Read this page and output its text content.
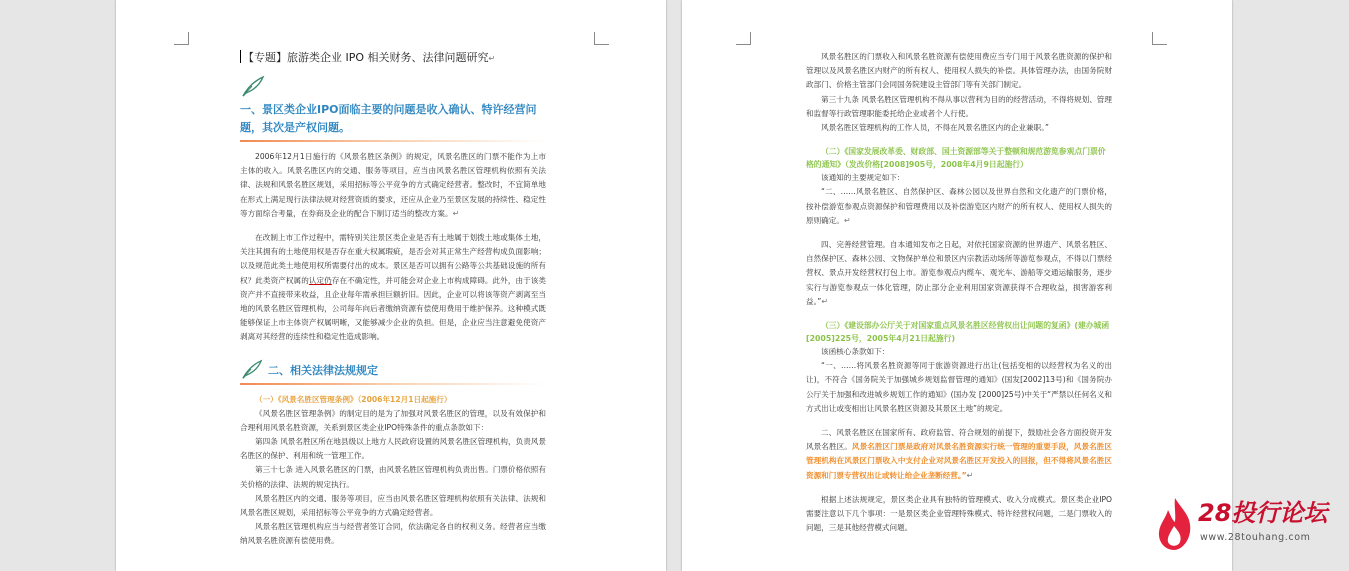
【专题】旅游类企业 IPO 相关财务、法律问题研究↵
一、景区类企业IPO面临主要的问题是收入确认、特许经营问题，其次是产权问题。

2006年12月1日施行的《风景名胜区条例》的规定，风景名胜区的门票不能作为上市主体的收入。风景名胜区内的交通、服务等项目，应当由风景名胜区管理机构依照有关法律、法规和风景名胜区规划，采用招标等公平竞争的方式确定经营者。整改时，不宜简单地在形式上满足现行法律法规对经营资质的要求，还应从企业乃至景区发展的持续性、稳定性等方面综合考量，在券商及企业的配合下制订适当的整改方案。↵

在改制上市工作过程中，需特别关注景区类企业是否有土地属于划拨土地或集体土地，关注其拥有的土地使用权是否存在重大权属瑕疵，是否会对其正常生产经营构成负面影响；以及规范此类土地使用权所需要付出的成本。景区是否可以拥有公路等公共基础设施的所有权？此类资产权属的认定仍存在不确定性，并可能会对企业上市构成障碍。此外，由于该类资产并不直接带来收益，且企业每年需承担巨额折旧。因此，企业可以将该等资产剥离至当地的风景名胜区管理机构，公司每年向后者缴纳资源有偿使用费用于维护保养。这种模式既能够保证上市主体资产权属明晰，又能够减少企业的负担。但是，企业应当注意避免使资产剥离对其经营的连续性和稳定性造成影响。

二、相关法律法规规定
（一）《风景名胜区管理条例》（2006年12月1日起施行）

《风景名胜区管理条例》的制定目的是为了加强对风景名胜区的管理，以及有效保护和合理利用风景名胜资源，关系到景区类企业IPO特殊条件的重点条款如下：

第四条 风景名胜区所在地县级以上地方人民政府设置的风景名胜区管理机构，负责风景名胜区的保护、利用和统一管理工作。

第三十七条 进入风景名胜区的门票，由风景名胜区管理机构负责出售。门票价格依照有关价格的法律、法规的规定执行。

风景名胜区内的交通、服务等项目，应当由风景名胜区管理机构依照有关法律、法规和风景名胜区规划，采用招标等公平竞争的方式确定经营者。

风景名胜区管理机构应当与经营者签订合同，依法确定各自的权利义务。经营者应当缴纳风景名胜资源有偿使用费。

风景名胜区的门票收入和风景名胜资源有偿使用费应当专门用于风景名胜资源的保护和管理以及风景名胜区内财产的所有权人、使用权人损失的补偿。具体管理办法，由国务院财政部门、价格主管部门会同国务院建设主管部门等有关部门制定。

第三十九条 风景名胜区管理机构不得从事以营利为目的的经营活动，不得将规划、管理和监督等行政管理职能委托给企业或者个人行使。

风景名胜区管理机构的工作人员，不得在风景名胜区内的企业兼职。”

（二）《国家发展改革委、财政部、国土资源部等关于整顿和规范游览参观点门票价格的通知》（发改价格[2008]905号，2008年4月9日起施行）

该通知的主要规定如下：

“二、……风景名胜区、自然保护区、森林公园以及世界自然和文化遗产的门票价格，按补偿游览参观点资源保护和管理费用以及补偿游览区内财产的所有权人、使用权人损失的原则确定。↵

四、完善经营管理。自本通知发布之日起，对依托国家资源的世界遗产、风景名胜区、自然保护区、森林公园、文物保护单位和景区内宗教活动场所等游览参观点，不得以门票经营权、景点开发经营权打包上市。游览参观点内缆车、观光车、游船等交通运输服务，逐步实行与游览参观点一体化管理，防止部分企业利用国家资源获得不合理收益，损害游客利益。”↵

（三）《建设部办公厅关于对国家重点风景名胜区经营权出让问题的复函》(建办城函[2005]225号，2005年4月21日起施行)

该函核心条款如下：

“一、……将风景名胜资源等同于旅游资源进行出让(包括变相的以经营权为名义的出让)，不符合《国务院关于加强城乡规划监督管理的通知》(国发[2002]13号)和《国务院办公厅关于加强和改进城乡规划工作的通知》(国办发 [2000]25号)中关于“严禁以任何名义和方式出让或变相出让风景名胜区资源及其景区土地”的规定。

二、风景名胜区在国家所有、政府监管、符合规划的前提下，鼓励社会各方面投资开发风景名胜区。风景名胜区门票是政府对风景名胜资源实行统一管理的重要手段，风景名胜区管理机构在风景区门票收入中支付企业对风景名胜区开发投入的回报，但不得将风景名胜区资源和门票专营权出让或转让给企业垄断经营。”↵

根据上述法规规定，景区类企业具有独特的管理模式、收入分成模式。景区类企业IPO需要注意以下几个事项：一是景区类企业管理特殊模式、特许经营权问题，二是门票收入的问题，三是其他经营模式问题。

28投行论坛
www.28touhang.com
